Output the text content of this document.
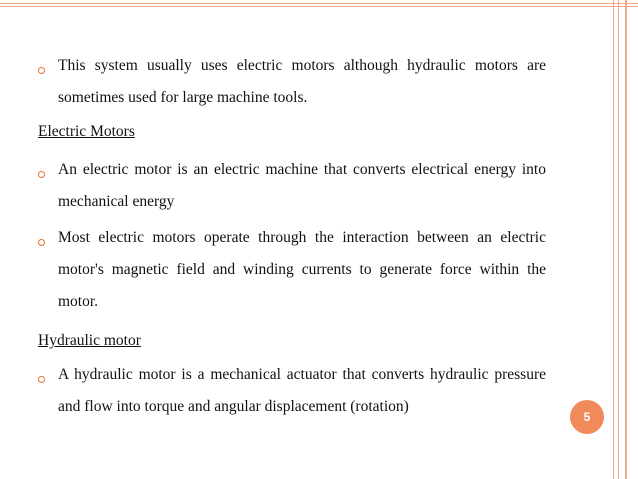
This system usually uses electric motors although hydraulic motors are sometimes used for large machine tools.
Electric Motors
An electric motor is an electric machine that converts electrical energy into mechanical energy
Most electric motors operate through the interaction between an electric motor's magnetic field and winding currents to generate force within the motor.
Hydraulic motor
A hydraulic motor is a mechanical actuator that converts hydraulic pressure and flow into torque and angular displacement (rotation)
5
